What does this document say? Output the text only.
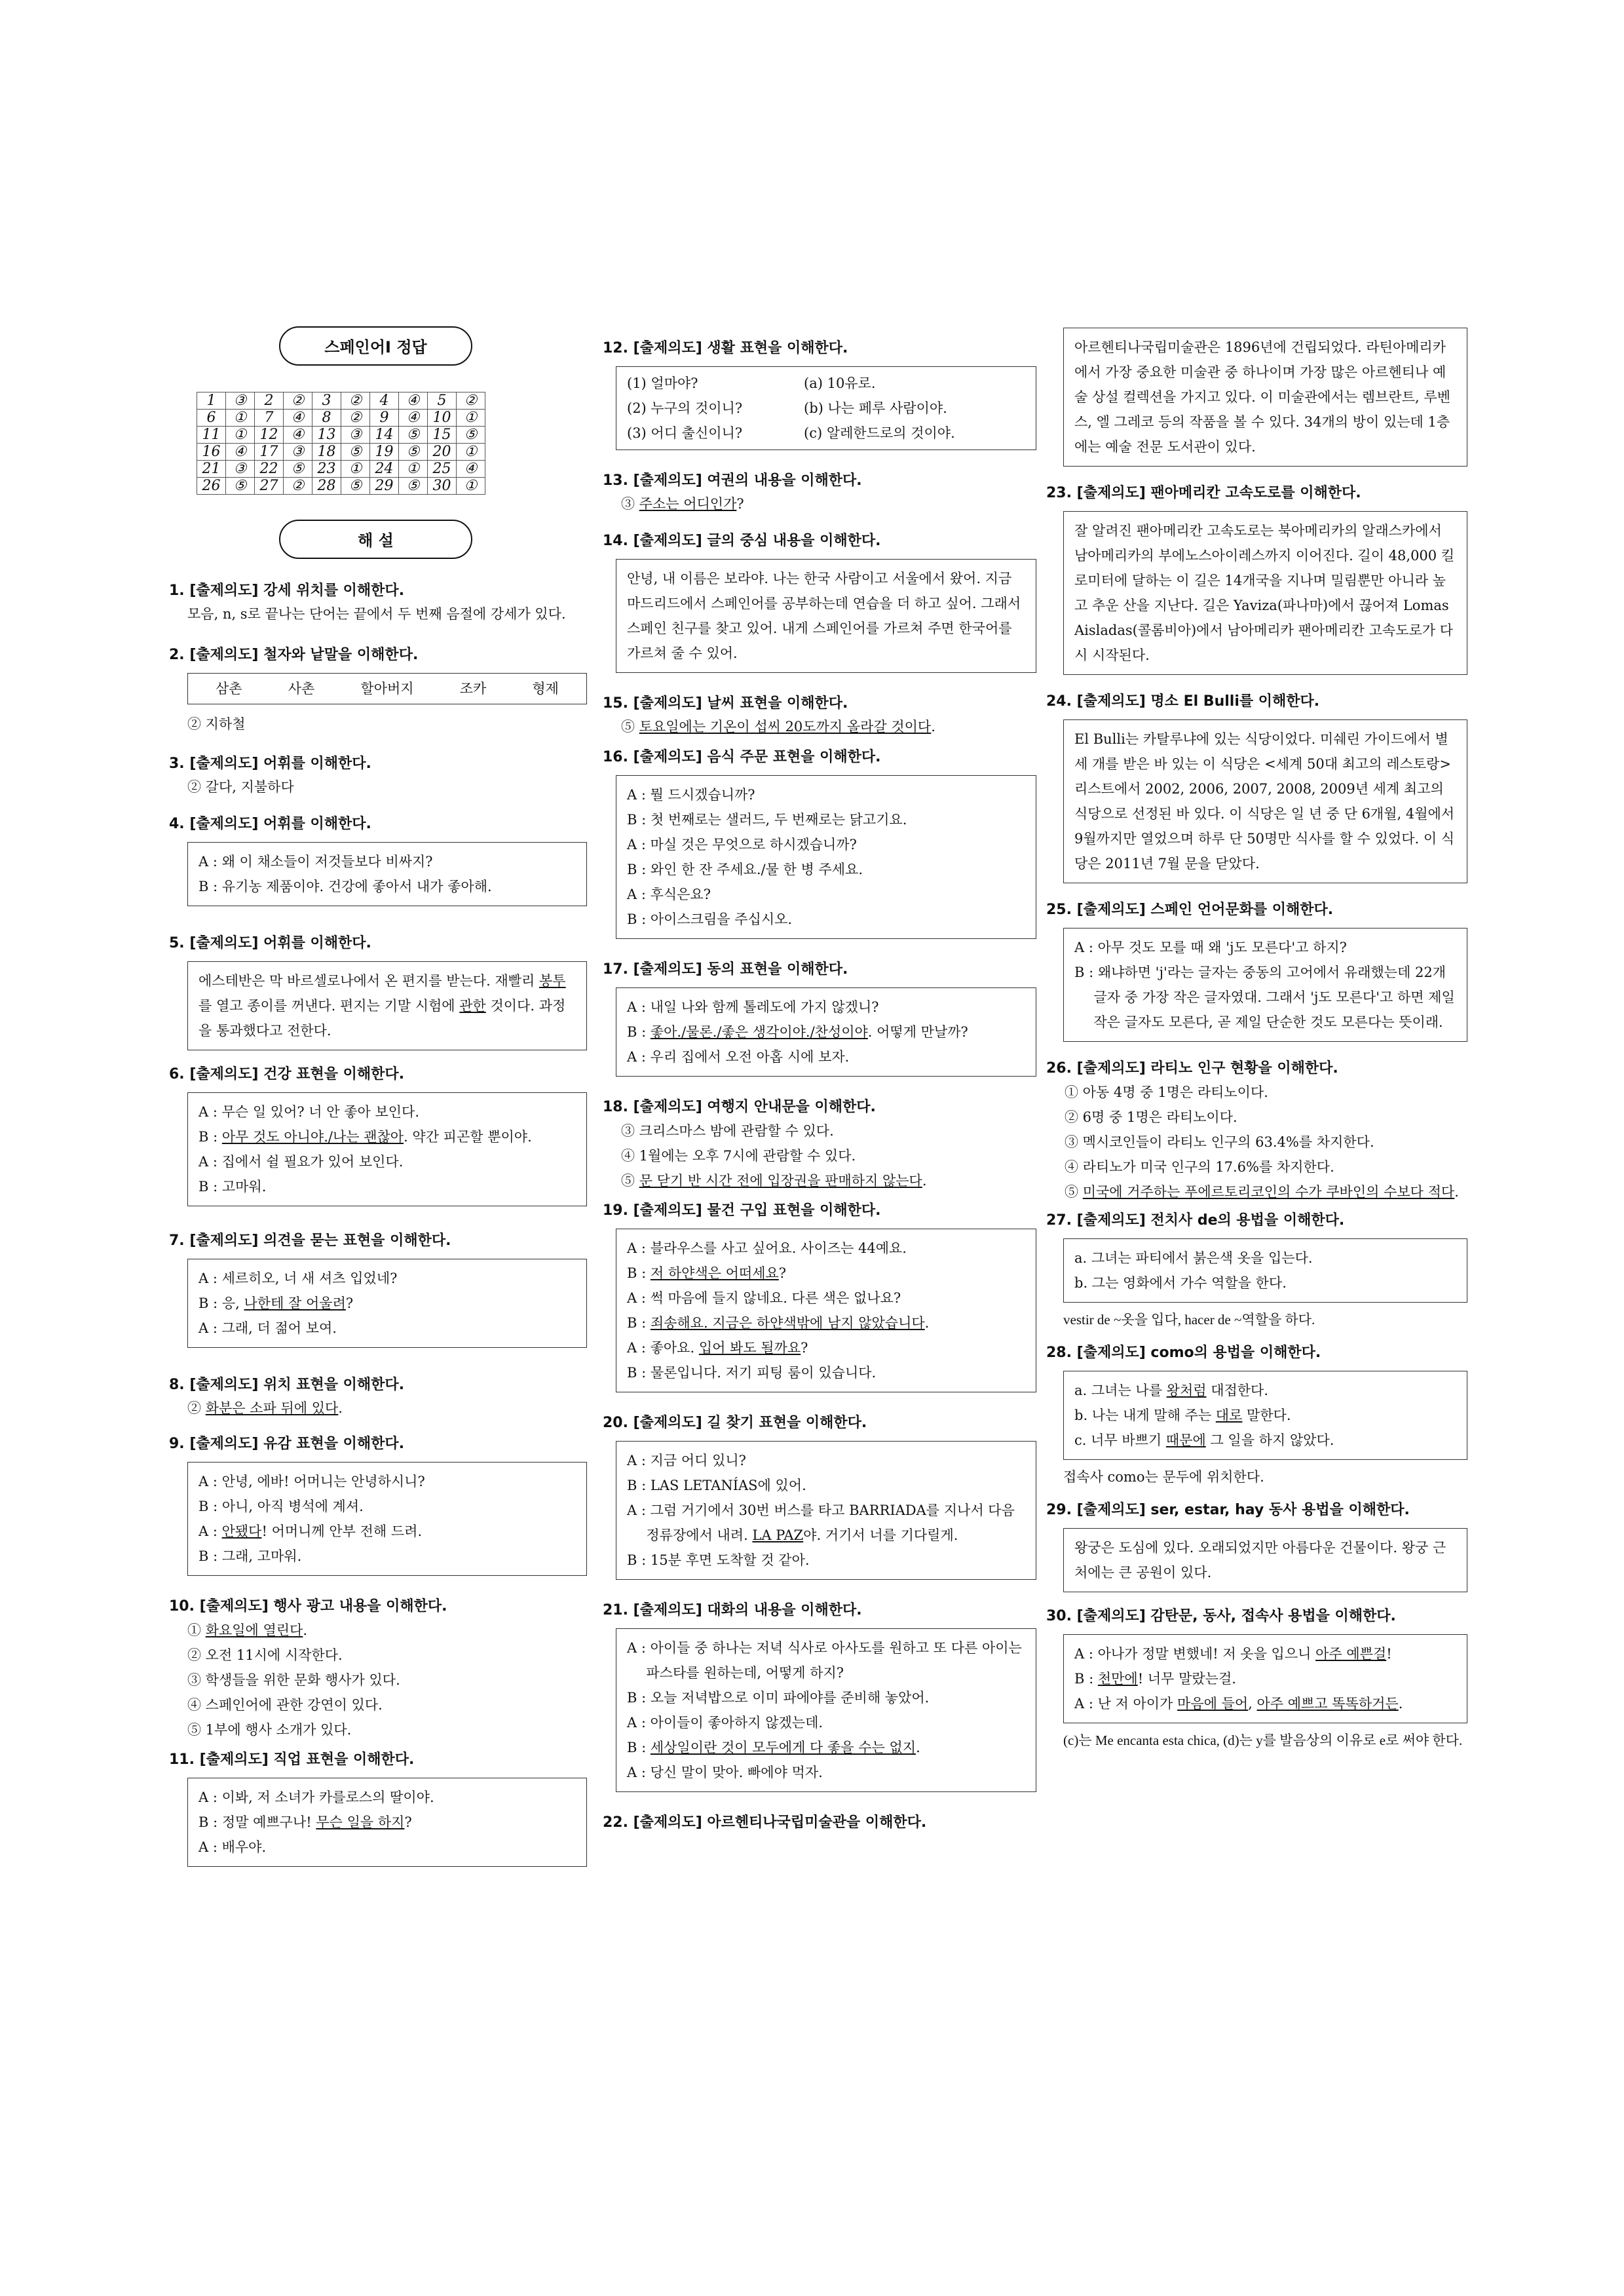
스페인어Ⅰ 정답
1	③	2	②	3	②	4	④	5	②
6	①	7	④	8	②	9	④	10	①
11	①	12	④	13	③	14	⑤	15	⑤
16	④	17	③	18	⑤	19	⑤	20	①
21	③	22	⑤	23	①	24	①	25	④
26	⑤	27	②	28	⑤	29	⑤	30	①
해 설

1. [출제의도] 강세 위치를 이해한다.

모음, n, s로 끝나는 단어는 끝에서 두 번째 음절에 강세가 있다.

2. [출제의도] 철자와 낱말을 이해한다.

삼촌	사촌	할아버지	조카	형제

② 지하철

3. [출제의도] 어휘를 이해한다.

② 갈다, 지불하다

4. [출제의도] 어휘를 이해한다.

A : 왜 이 채소들이 저것들보다 비싸지?
B : 유기농 제품이야. 건강에 좋아서 내가 좋아해.

5. [출제의도] 어휘를 이해한다.

에스테반은 막 바르셀로나에서 온 편지를 받는다. 재빨리 봉투를 열고 종이를 꺼낸다. 편지는 기말 시험에 관한 것이다. 과정을 통과했다고 전한다.

6. [출제의도] 건강 표현을 이해한다.

A : 무슨 일 있어? 너 안 좋아 보인다.
B : 아무 것도 아니야./나는 괜찮아. 약간 피곤할 뿐이야.
A : 집에서 쉴 필요가 있어 보인다.
B : 고마워.

7. [출제의도] 의견을 묻는 표현을 이해한다.

A : 세르히오, 너 새 셔츠 입었네?
B : 응, 나한테 잘 어울려?
A : 그래, 더 젊어 보여.

8. [출제의도] 위치 표현을 이해한다.

② 화분은 소파 뒤에 있다.

9. [출제의도] 유감 표현을 이해한다.

A : 안녕, 에바! 어머니는 안녕하시니?
B : 아니, 아직 병석에 계셔.
A : 안됐다! 어머니께 안부 전해 드려.
B : 그래, 고마워.

10. [출제의도] 행사 광고 내용을 이해한다.

① 화요일에 열린다.
② 오전 11시에 시작한다.
③ 학생들을 위한 문화 행사가 있다.
④ 스페인어에 관한 강연이 있다.
⑤ 1부에 행사 소개가 있다.

11. [출제의도] 직업 표현을 이해한다.

A : 이봐, 저 소녀가 카를로스의 딸이야.
B : 정말 예쁘구나! 무슨 일을 하지?
A : 배우야.

12. [출제의도] 생활 표현을 이해한다.

(1) 얼마야?	(a) 10유로.
(2) 누구의 것이니?	(b) 나는 페루 사람이야.
(3) 어디 출신이니?	(c) 알레한드로의 것이야.

13. [출제의도] 여권의 내용을 이해한다.

③ 주소는 어디인가?

14. [출제의도] 글의 중심 내용을 이해한다.

안녕, 내 이름은 보라야. 나는 한국 사람이고 서울에서 왔어. 지금 마드리드에서 스페인어를 공부하는데 연습을 더 하고 싶어. 그래서 스페인 친구를 찾고 있어. 내게 스페인어를 가르쳐 주면 한국어를 가르쳐 줄 수 있어.

15. [출제의도] 날씨 표현을 이해한다.

⑤ 토요일에는 기온이 섭씨 20도까지 올라갈 것이다.

16. [출제의도] 음식 주문 표현을 이해한다.

A : 뭘 드시겠습니까?
B : 첫 번째로는 샐러드, 두 번째로는 닭고기요.
A : 마실 것은 무엇으로 하시겠습니까?
B : 와인 한 잔 주세요./물 한 병 주세요.
A : 후식은요?
B : 아이스크림을 주십시오.

17. [출제의도] 동의 표현을 이해한다.

A : 내일 나와 함께 톨레도에 가지 않겠니?
B : 좋아./물론./좋은 생각이야./찬성이야. 어떻게 만날까?
A : 우리 집에서 오전 아홉 시에 보자.

18. [출제의도] 여행지 안내문을 이해한다.

③ 크리스마스 밤에 관람할 수 있다.
④ 1월에는 오후 7시에 관람할 수 있다.
⑤ 문 닫기 반 시간 전에 입장권을 판매하지 않는다.

19. [출제의도] 물건 구입 표현을 이해한다.

A : 블라우스를 사고 싶어요. 사이즈는 44예요.
B : 저 하얀색은 어떠세요?
A : 썩 마음에 들지 않네요. 다른 색은 없나요?
B : 죄송해요. 지금은 하얀색밖에 남지 않았습니다.
A : 좋아요. 입어 봐도 될까요?
B : 물론입니다. 저기 피팅 룸이 있습니다.

20. [출제의도] 길 찾기 표현을 이해한다.

A : 지금 어디 있니?
B : LAS LETANÍAS에 있어.
A : 그럼 거기에서 30번 버스를 타고 BARRIADA를 지나서 다음 정류장에서 내려. LA PAZ야. 거기서 너를 기다릴게.
B : 15분 후면 도착할 것 같아.

21. [출제의도] 대화의 내용을 이해한다.

A : 아이들 중 하나는 저녁 식사로 아사도를 원하고 또 다른 아이는 파스타를 원하는데, 어떻게 하지?
B : 오늘 저녁밥으로 이미 파에야를 준비해 놓았어.
A : 아이들이 좋아하지 않겠는데.
B : 세상일이란 것이 모두에게 다 좋을 수는 없지.
A : 당신 말이 맞아. 빠에야 먹자.

22. [출제의도] 아르헨티나국립미술관을 이해한다.

아르헨티나국립미술관은 1896년에 건립되었다. 라틴아메리카에서 가장 중요한 미술관 중 하나이며 가장 많은 아르헨티나 예술 상설 컬렉션을 가지고 있다. 이 미술관에서는 렘브란트, 루벤스, 엘 그레코 등의 작품을 볼 수 있다. 34개의 방이 있는데 1층에는 예술 전문 도서관이 있다.

23. [출제의도] 팬아메리칸 고속도로를 이해한다.

잘 알려진 팬아메리칸 고속도로는 북아메리카의 알래스카에서 남아메리카의 부에노스아이레스까지 이어진다. 길이 48,000 킬로미터에 달하는 이 길은 14개국을 지나며 밀림뿐만 아니라 높고 추운 산을 지난다. 길은 Yaviza(파나마)에서 끊어져 Lomas Aisladas(콜롬비아)에서 남아메리카 팬아메리칸 고속도로가 다시 시작된다.

24. [출제의도] 명소 El Bulli를 이해한다.

El Bulli는 카탈루냐에 있는 식당이었다. 미쉐린 가이드에서 별 세 개를 받은 바 있는 이 식당은 <세계 50대 최고의 레스토랑> 리스트에서 2002, 2006, 2007, 2008, 2009년 세계 최고의 식당으로 선정된 바 있다. 이 식당은 일 년 중 단 6개월, 4월에서 9월까지만 열었으며 하루 단 50명만 식사를 할 수 있었다. 이 식당은 2011년 7월 문을 닫았다.

25. [출제의도] 스페인 언어문화를 이해한다.

A : 아무 것도 모를 때 왜 'j도 모른다'고 하지?
B : 왜냐하면 'j'라는 글자는 중동의 고어에서 유래했는데 22개 글자 중 가장 작은 글자였대. 그래서 'j도 모른다'고 하면 제일 작은 글자도 모른다, 곧 제일 단순한 것도 모른다는 뜻이래.

26. [출제의도] 라티노 인구 현황을 이해한다.

① 아동 4명 중 1명은 라티노이다.
② 6명 중 1명은 라티노이다.
③ 멕시코인들이 라티노 인구의 63.4%를 차지한다.
④ 라티노가 미국 인구의 17.6%를 차지한다.
⑤ 미국에 거주하는 푸에르토리코인의 수가 쿠바인의 수보다 적다.

27. [출제의도] 전치사 de의 용법을 이해한다.

a. 그녀는 파티에서 붉은색 옷을 입는다.
b. 그는 영화에서 가수 역할을 한다.

vestir de ~옷을 입다, hacer de ~역할을 하다.

28. [출제의도] como의 용법을 이해한다.

a. 그녀는 나를 왕처럼 대접한다.
b. 나는 내게 말해 주는 대로 말한다.
c. 너무 바쁘기 때문에 그 일을 하지 않았다.

접속사 como는 문두에 위치한다.

29. [출제의도] ser, estar, hay 동사 용법을 이해한다.

왕궁은 도심에 있다. 오래되었지만 아름다운 건물이다. 왕궁 근처에는 큰 공원이 있다.

30. [출제의도] 감탄문, 동사, 접속사 용법을 이해한다.

A : 아나가 정말 변했네! 저 옷을 입으니 아주 예쁜걸!
B : 천만에! 너무 말랐는걸.
A : 난 저 아이가 마음에 들어, 아주 예쁘고 똑똑하거든.

(c)는 Me encanta esta chica, (d)는 y를 발음상의 이유로 e로 써야 한다.
